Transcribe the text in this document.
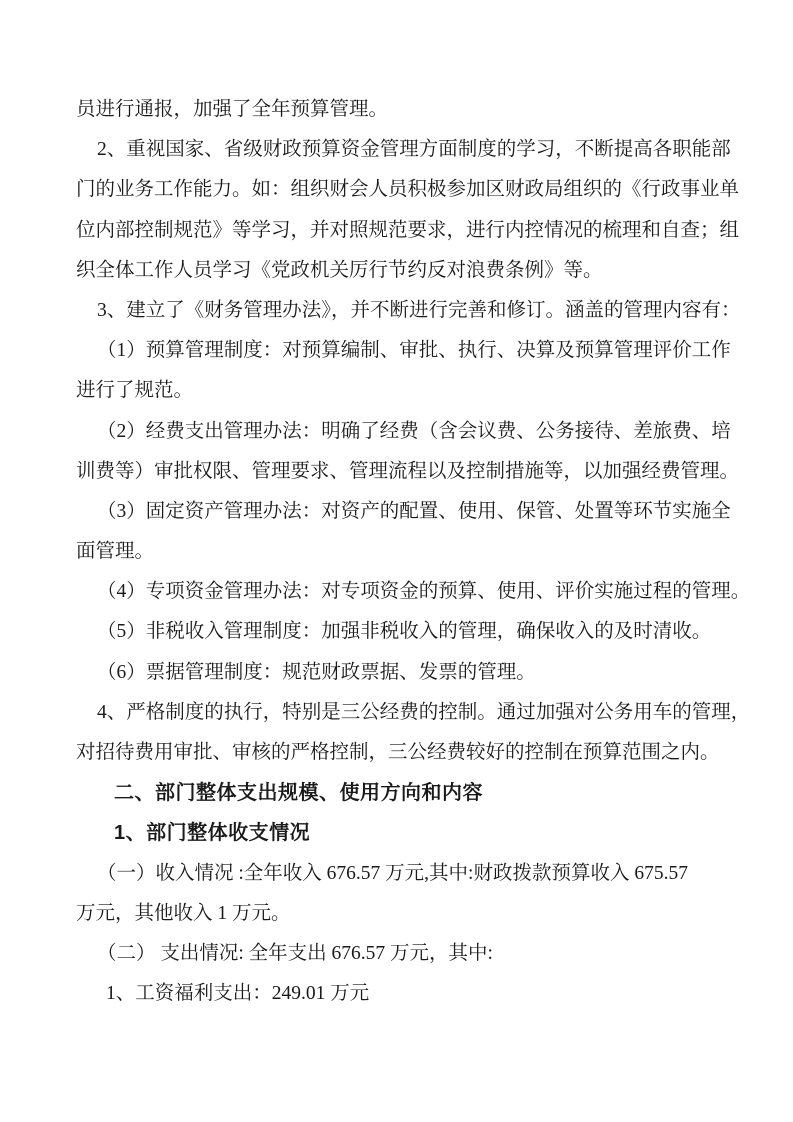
员进行通报，加强了全年预算管理。
2、重视国家、省级财政预算资金管理方面制度的学习，不断提高各职能部
门的业务工作能力。如：组织财会人员积极参加区财政局组织的《行政事业单
位内部控制规范》等学习，并对照规范要求，进行内控情况的梳理和自查；组
织全体工作人员学习《党政机关厉行节约反对浪费条例》等。
3、建立了《财务管理办法》，并不断进行完善和修订。涵盖的管理内容有：
（1）预算管理制度：对预算编制、审批、执行、决算及预算管理评价工作
进行了规范。
（2）经费支出管理办法：明确了经费（含会议费、公务接待、差旅费、培
训费等）审批权限、管理要求、管理流程以及控制措施等，以加强经费管理。
（3）固定资产管理办法：对资产的配置、使用、保管、处置等环节实施全
面管理。
（4）专项资金管理办法：对专项资金的预算、使用、评价实施过程的管理。
（5）非税收入管理制度：加强非税收入的管理，确保收入的及时清收。
（6）票据管理制度：规范财政票据、发票的管理。
4、严格制度的执行，特别是三公经费的控制。通过加强对公务用车的管理，
对招待费用审批、审核的严格控制，三公经费较好的控制在预算范围之内。
二、部门整体支出规模、使用方向和内容
1、部门整体收支情况
（一）收入情况 :全年收入 676.57 万元,其中:财政拨款预算收入 675.57
万元，其他收入 1 万元。
（二） 支出情况: 全年支出 676.57 万元，其中:
1、工资福利支出：249.01 万元
